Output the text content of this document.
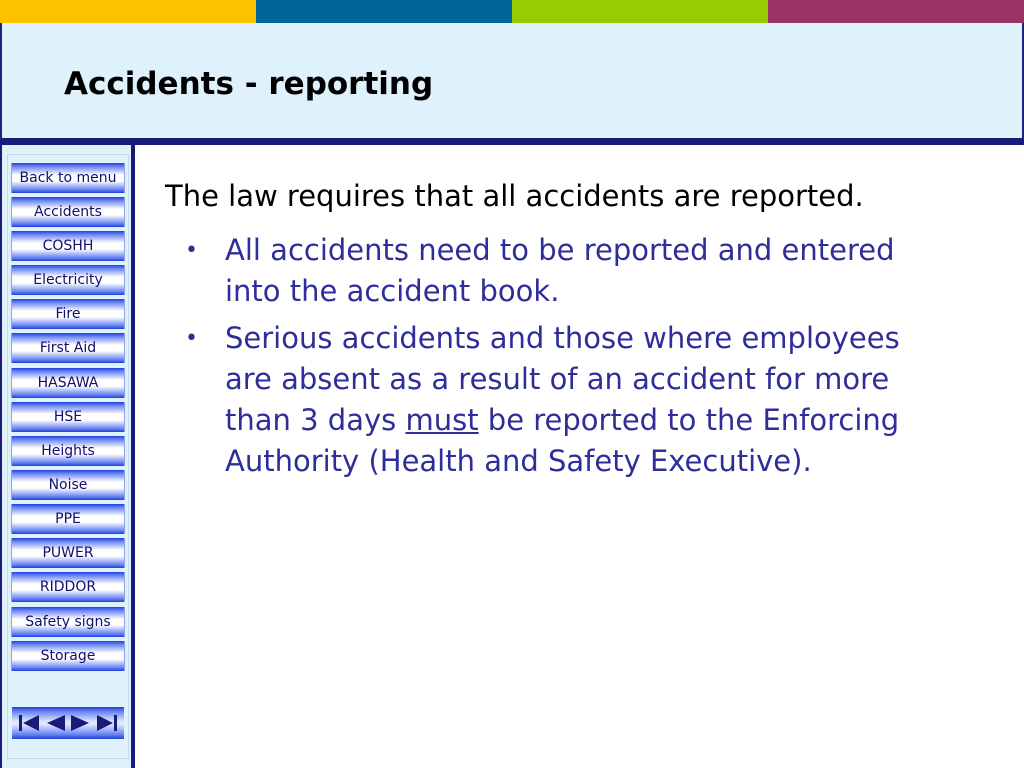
Accidents - reporting
Back to menu
Accidents
COSHH
Electricity
Fire
First Aid
HASAWA
HSE
Heights
Noise
PPE
PUWER
RIDDOR
Safety signs
Storage
The law requires that all accidents are reported.
• All accidents need to be reported and entered into the accident book.
• Serious accidents and those where employees are absent as a result of an accident for more than 3 days must be reported to the Enforcing Authority (Health and Safety Executive).
